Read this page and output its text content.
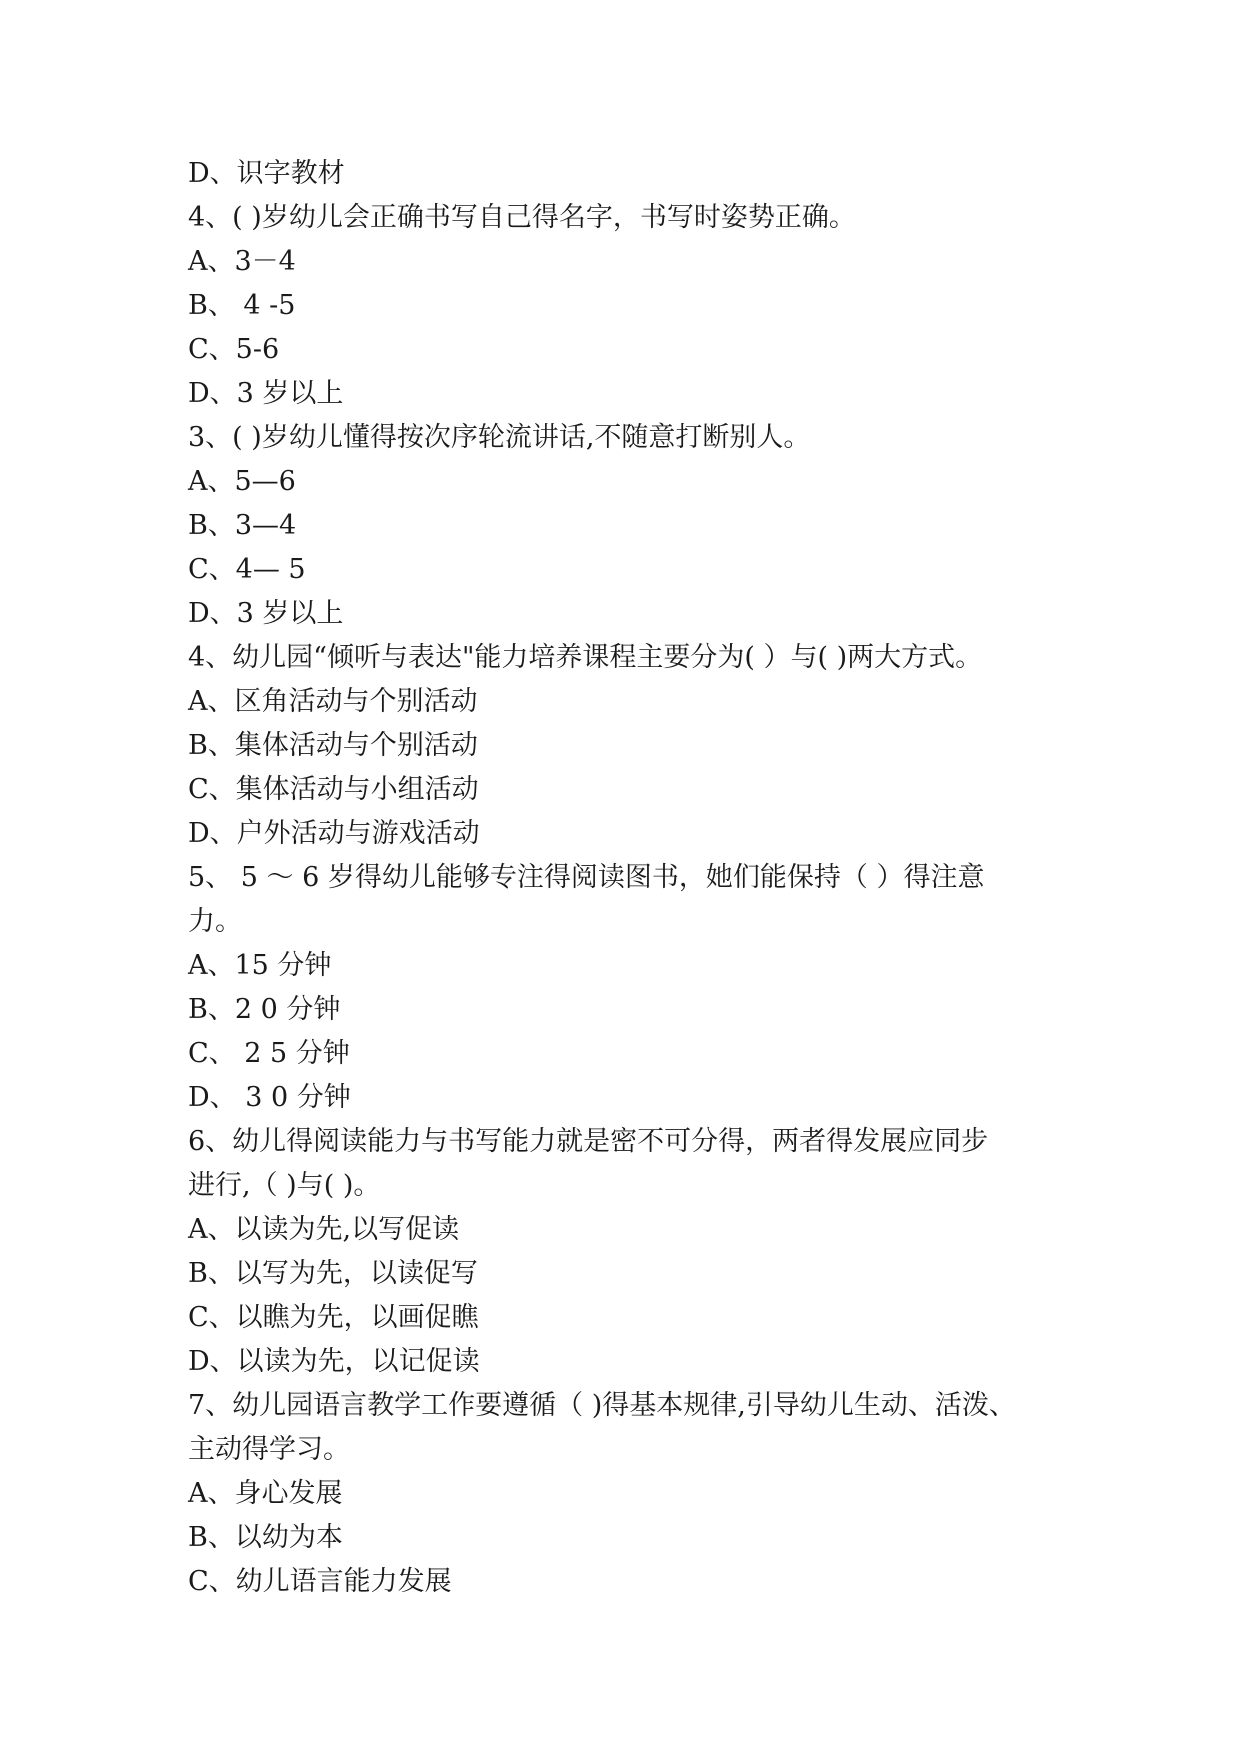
D、识字教材

4、( )岁幼儿会正确书写自己得名字，书写时姿势正确。

A、3－4

B、 4 -5

C、5-6

D、3 岁以上

3、( )岁幼儿懂得按次序轮流讲话,不随意打断别人。

A、5—6

B、3—4

C、4— 5

D、3 岁以上

4、幼儿园“倾听与表达"能力培养课程主要分为( ）与( )两大方式。

A、区角活动与个别活动

B、集体活动与个别活动

C、集体活动与小组活动

D、户外活动与游戏活动

5、 5 ～ 6 岁得幼儿能够专注得阅读图书，她们能保持（ ）得注意

力。

A、15 分钟

B、2 0 分钟

C、 2 5 分钟

D、 3 0 分钟

6、幼儿得阅读能力与书写能力就是密不可分得，两者得发展应同步

进行,（ )与( )。

A、以读为先,以写促读

B、以写为先，以读促写

C、以瞧为先，以画促瞧

D、以读为先，以记促读

7、幼儿园语言教学工作要遵循（ )得基本规律,引导幼儿生动、活泼、

主动得学习。

A、身心发展

B、以幼为本

C、幼儿语言能力发展
